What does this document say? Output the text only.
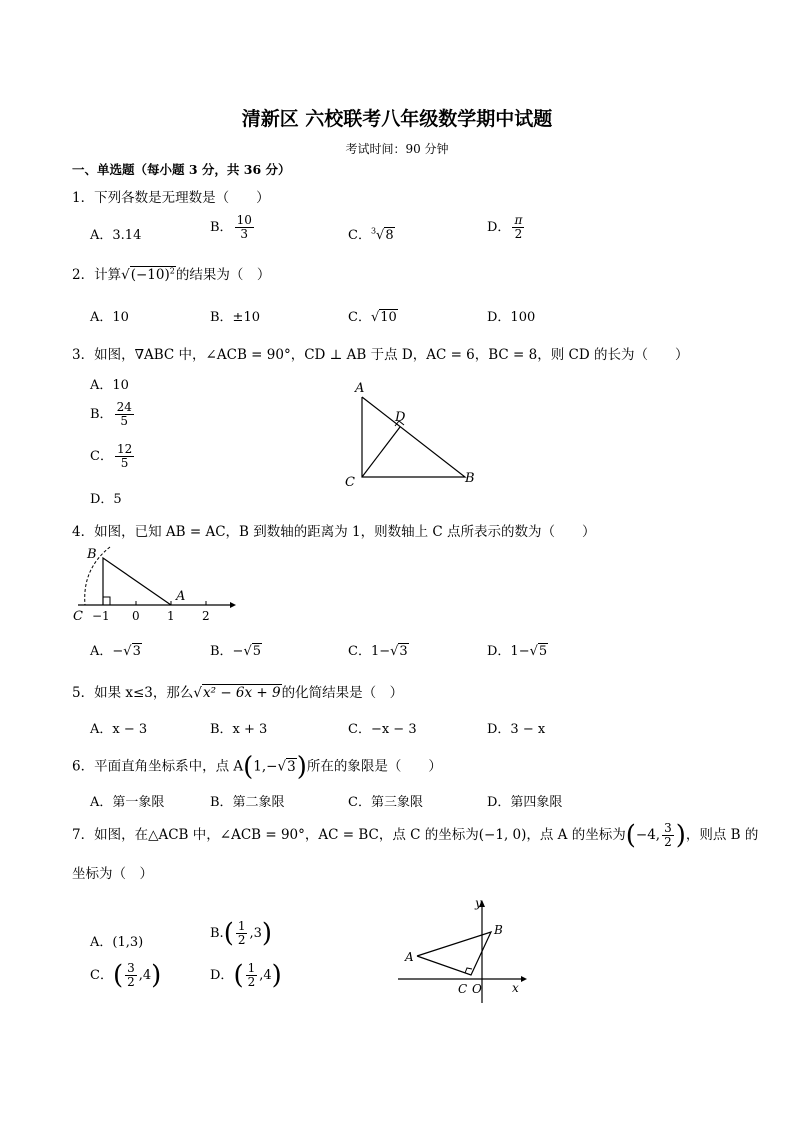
清新区 六校联考八年级数学期中试题
考试时间：90 分钟
一、单选题（每小题 3 分，共 36 分）
1．下列各数是无理数是（　　）
A．3.14
B． $\frac{10}{3}$	C．$^3$√8
D． $\frac{\pi}{2}$
2．计算$√(-10)^2$的结果为（　）
A．10	B．±10	C．√10	D．100
3．如图，∇ABC 中，∠ACB = 90°，CD ⊥ AB 于点 D，AC = 6，BC = 8，则 CD 的长为（　　）
A．10
B． $\frac{24}{5}$
C． $\frac{12}{5}$
D．5
A
D
C	B
4．如图，已知 AB = AC，B 到数轴的距离为 1，则数轴上 C 点所表示的数为（　　）
B
A
C −1 0 1 2
A．−√3	B．−√5	C．1−√3	D．1−√5
5．如果 x≤3，那么√x² − 6x + 9的化简结果是（　）
A．x − 3	B．x + 3	C．−x − 3	D．3 − x
6．平面直角坐标系中，点 A(1,−√3)所在的象限是（　　）
A．第一象限	B．第二象限	C．第三象限	D．第四象限
7．如图，在△ACB 中，∠ACB = 90°，AC = BC，点 C 的坐标为(−1, 0)，点 A 的坐标为(−4, $\frac{3}{2}$ )，则点 B 的
坐标为（　）
A．(1,3)
$B.( \frac{1}{2} ,3)$
C．( $\frac{3}{2} ,4$)	D．( $\frac{1}{2} ,4$)
y
x
A
B
C O
